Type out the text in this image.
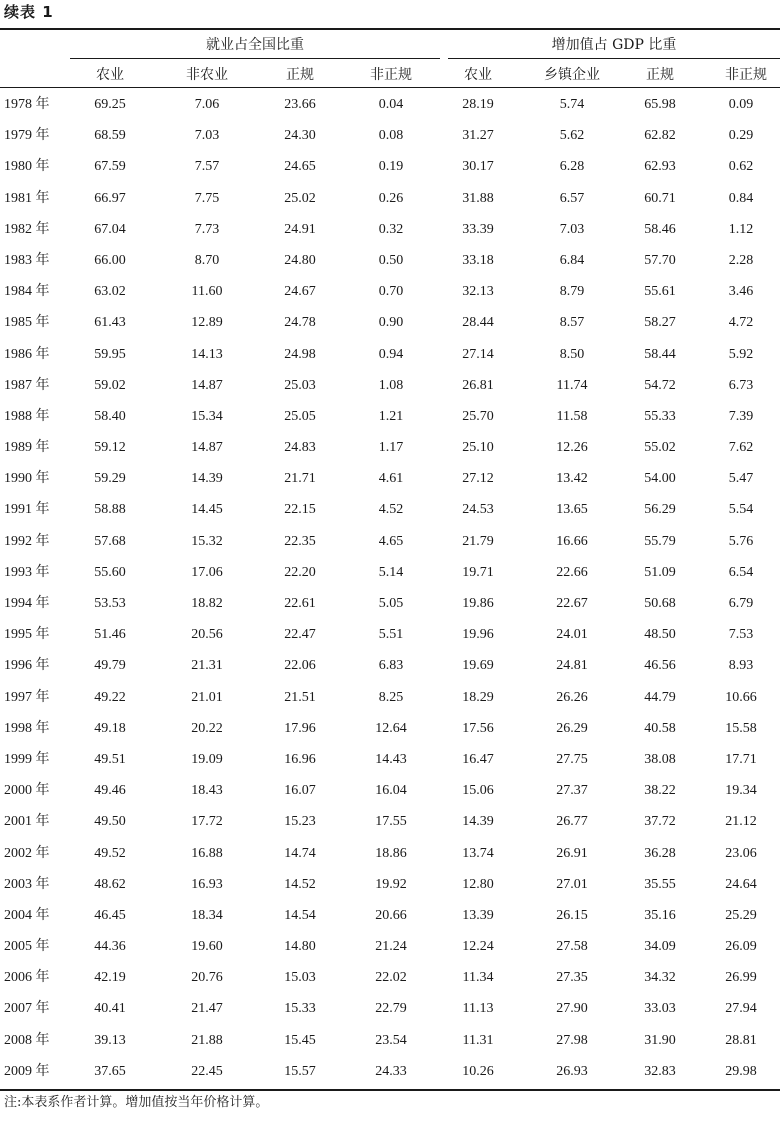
续表 1
就业占全国比重	增加值占 GDP 比重
农业	非农业	正规	非正规	农业	乡镇企业	正规	非正规
1978 年	69.25	7.06	23.66	0.04	28.19	5.74	65.98	0.09
1979 年	68.59	7.03	24.30	0.08	31.27	5.62	62.82	0.29
1980 年	67.59	7.57	24.65	0.19	30.17	6.28	62.93	0.62
1981 年	66.97	7.75	25.02	0.26	31.88	6.57	60.71	0.84
1982 年	67.04	7.73	24.91	0.32	33.39	7.03	58.46	1.12
1983 年	66.00	8.70	24.80	0.50	33.18	6.84	57.70	2.28
1984 年	63.02	11.60	24.67	0.70	32.13	8.79	55.61	3.46
1985 年	61.43	12.89	24.78	0.90	28.44	8.57	58.27	4.72
1986 年	59.95	14.13	24.98	0.94	27.14	8.50	58.44	5.92
1987 年	59.02	14.87	25.03	1.08	26.81	11.74	54.72	6.73
1988 年	58.40	15.34	25.05	1.21	25.70	11.58	55.33	7.39
1989 年	59.12	14.87	24.83	1.17	25.10	12.26	55.02	7.62
1990 年	59.29	14.39	21.71	4.61	27.12	13.42	54.00	5.47
1991 年	58.88	14.45	22.15	4.52	24.53	13.65	56.29	5.54
1992 年	57.68	15.32	22.35	4.65	21.79	16.66	55.79	5.76
1993 年	55.60	17.06	22.20	5.14	19.71	22.66	51.09	6.54
1994 年	53.53	18.82	22.61	5.05	19.86	22.67	50.68	6.79
1995 年	51.46	20.56	22.47	5.51	19.96	24.01	48.50	7.53
1996 年	49.79	21.31	22.06	6.83	19.69	24.81	46.56	8.93
1997 年	49.22	21.01	21.51	8.25	18.29	26.26	44.79	10.66
1998 年	49.18	20.22	17.96	12.64	17.56	26.29	40.58	15.58
1999 年	49.51	19.09	16.96	14.43	16.47	27.75	38.08	17.71
2000 年	49.46	18.43	16.07	16.04	15.06	27.37	38.22	19.34
2001 年	49.50	17.72	15.23	17.55	14.39	26.77	37.72	21.12
2002 年	49.52	16.88	14.74	18.86	13.74	26.91	36.28	23.06
2003 年	48.62	16.93	14.52	19.92	12.80	27.01	35.55	24.64
2004 年	46.45	18.34	14.54	20.66	13.39	26.15	35.16	25.29
2005 年	44.36	19.60	14.80	21.24	12.24	27.58	34.09	26.09
2006 年	42.19	20.76	15.03	22.02	11.34	27.35	34.32	26.99
2007 年	40.41	21.47	15.33	22.79	11.13	27.90	33.03	27.94
2008 年	39.13	21.88	15.45	23.54	11.31	27.98	31.90	28.81
2009 年	37.65	22.45	15.57	24.33	10.26	26.93	32.83	29.98
注:本表系作者计算。增加值按当年价格计算。
